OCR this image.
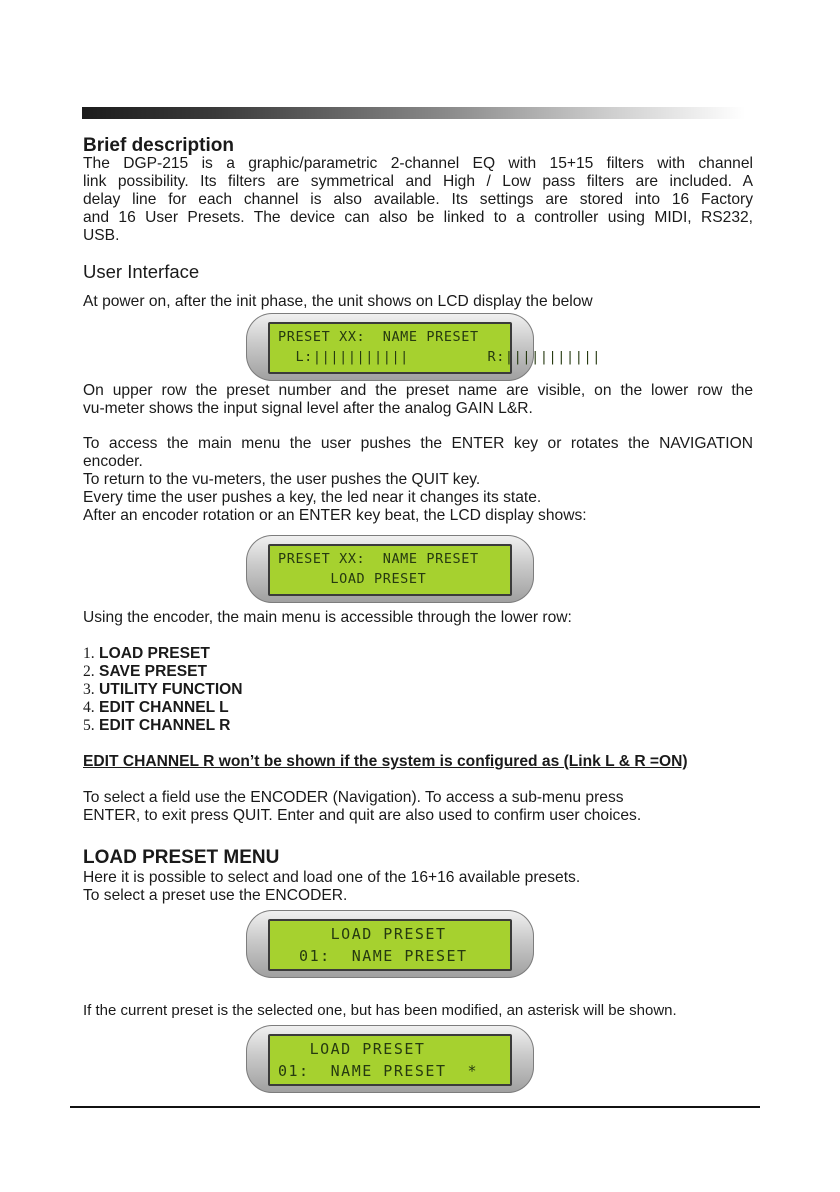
Brief description
The DGP-215 is a graphic/parametric 2-channel EQ with 15+15 filters with channel
link possibility. Its filters are symmetrical and High / Low pass filters are included. A
delay line for each channel is also available. Its settings are stored into 16 Factory
and 16 User Presets. The device can also be linked to a controller using MIDI, RS232,
USB.
User Interface
At power on, after the init phase, the unit shows on LCD display the below
PRESET XX:  NAME PRESET
L:|||||||||||         R:|||||||||||
On upper row the preset number and the preset name are visible, on the lower row the
vu-meter shows the input signal level after the analog GAIN L&R.
To access the main menu the user pushes the ENTER key or rotates the NAVIGATION
encoder.
To return to the vu-meters, the user pushes the QUIT key.
Every time the user pushes a key, the led near it changes its state.
After an encoder rotation or an ENTER key beat, the LCD display shows:
PRESET XX:  NAME PRESET
LOAD PRESET
Using the encoder, the main menu is accessible through the lower row:
1. LOAD PRESET
2. SAVE PRESET
3. UTILITY FUNCTION
4. EDIT CHANNEL L
5. EDIT CHANNEL R
EDIT CHANNEL R won’t be shown if the system is configured as (Link L & R =ON)
To select a field use the ENCODER (Navigation). To access a sub-menu press
ENTER, to exit press QUIT. Enter and quit are also used to confirm user choices.
LOAD PRESET MENU
Here it is possible to select and load one of the 16+16 available presets.
To select a preset use the ENCODER.
LOAD PRESET
01:  NAME PRESET
If the current preset is the selected one, but has been modified, an asterisk will be shown.
LOAD PRESET
01:  NAME PRESET  *
